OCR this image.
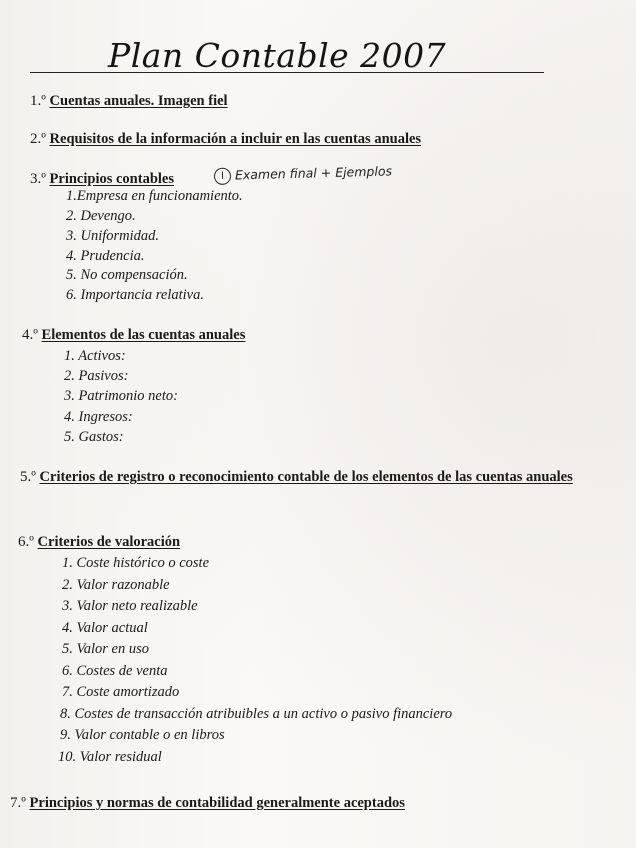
Plan Contable 2007
1.º Cuentas anuales. Imagen fiel
2.º Requisitos de la información a incluir en las cuentas anuales
3.º Principios contables	I Examen final + Ejemplos
1.Empresa en funcionamiento.
2. Devengo.
3. Uniformidad.
4. Prudencia.
5. No compensación.
6. Importancia relativa.
4.º Elementos de las cuentas anuales
1. Activos:
2. Pasivos:
3. Patrimonio neto:
4. Ingresos:
5. Gastos:
5.º Criterios de registro o reconocimiento contable de los elementos de las cuentas anuales
6.º Criterios de valoración
1. Coste histórico o coste
2. Valor razonable
3. Valor neto realizable
4. Valor actual
5. Valor en uso
6. Costes de venta
7. Coste amortizado
8. Costes de transacción atribuibles a un activo o pasivo financiero
9. Valor contable o en libros
10. Valor residual
7.º Principios y normas de contabilidad generalmente aceptados
